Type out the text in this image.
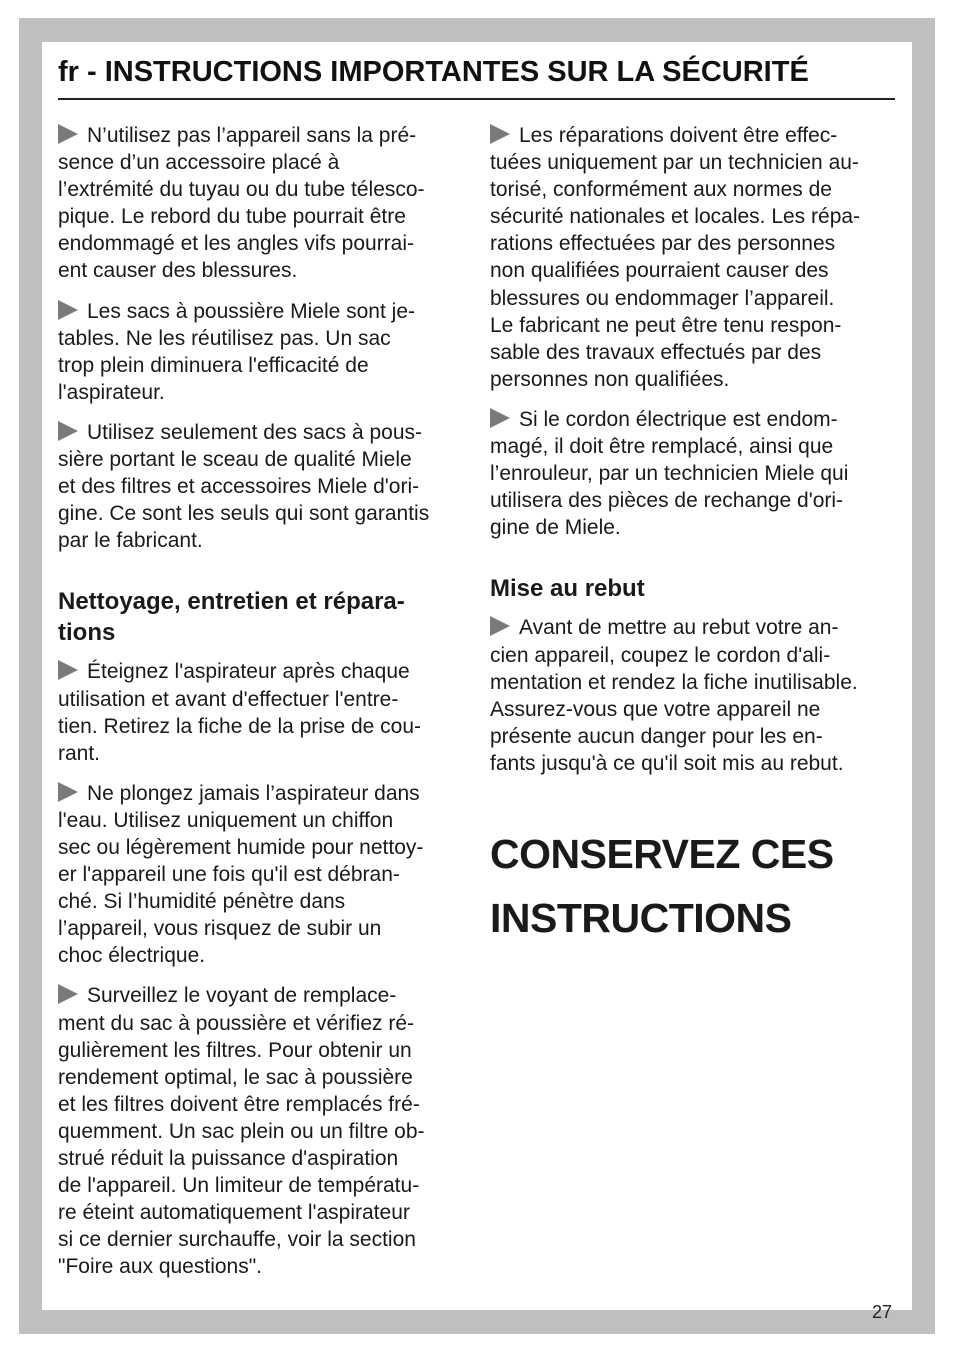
fr - INSTRUCTIONS IMPORTANTES SUR LA SÉCURITÉ

N’utilisez pas l’appareil sans la pré-
sence d’un accessoire placé à
l’extrémité du tuyau ou du tube télesco-
pique. Le rebord du tube pourrait être
endommagé et les angles vifs pourrai-
ent causer des blessures.

Les sacs à poussière Miele sont je-
tables. Ne les réutilisez pas. Un sac
trop plein diminuera l'efficacité de
l'aspirateur.

Utilisez seulement des sacs à pous-
sière portant le sceau de qualité Miele
et des filtres et accessoires Miele d'ori-
gine. Ce sont les seuls qui sont garantis
par le fabricant.

Nettoyage, entretien et répara-
tions

Éteignez l'aspirateur après chaque
utilisation et avant d'effectuer l'entre-
tien. Retirez la fiche de la prise de cou-
rant.

Ne plongez jamais l’aspirateur dans
l'eau. Utilisez uniquement un chiffon
sec ou légèrement humide pour nettoy-
er l'appareil une fois qu'il est débran-
ché. Si l’humidité pénètre dans
l’appareil, vous risquez de subir un
choc électrique.

Surveillez le voyant de remplace-
ment du sac à poussière et vérifiez ré-
gulièrement les filtres. Pour obtenir un
rendement optimal, le sac à poussière
et les filtres doivent être remplacés fré-
quemment. Un sac plein ou un filtre ob-
strué réduit la puissance d'aspiration
de l'appareil. Un limiteur de températu-
re éteint automatiquement l'aspirateur
si ce dernier surchauffe, voir la section
"Foire aux questions".

Les réparations doivent être effec-
tuées uniquement par un technicien au-
torisé, conformément aux normes de
sécurité nationales et locales. Les répa-
rations effectuées par des personnes
non qualifiées pourraient causer des
blessures ou endommager l’appareil.
Le fabricant ne peut être tenu respon-
sable des travaux effectués par des
personnes non qualifiées.

Si le cordon électrique est endom-
magé, il doit être remplacé, ainsi que
l’enrouleur, par un technicien Miele qui
utilisera des pièces de rechange d'ori-
gine de Miele.

Mise au rebut

Avant de mettre au rebut votre an-
cien appareil, coupez le cordon d'ali-
mentation et rendez la fiche inutilisable.
Assurez-vous que votre appareil ne
présente aucun danger pour les en-
fants jusqu'à ce qu'il soit mis au rebut.

CONSERVEZ CES
INSTRUCTIONS
27
